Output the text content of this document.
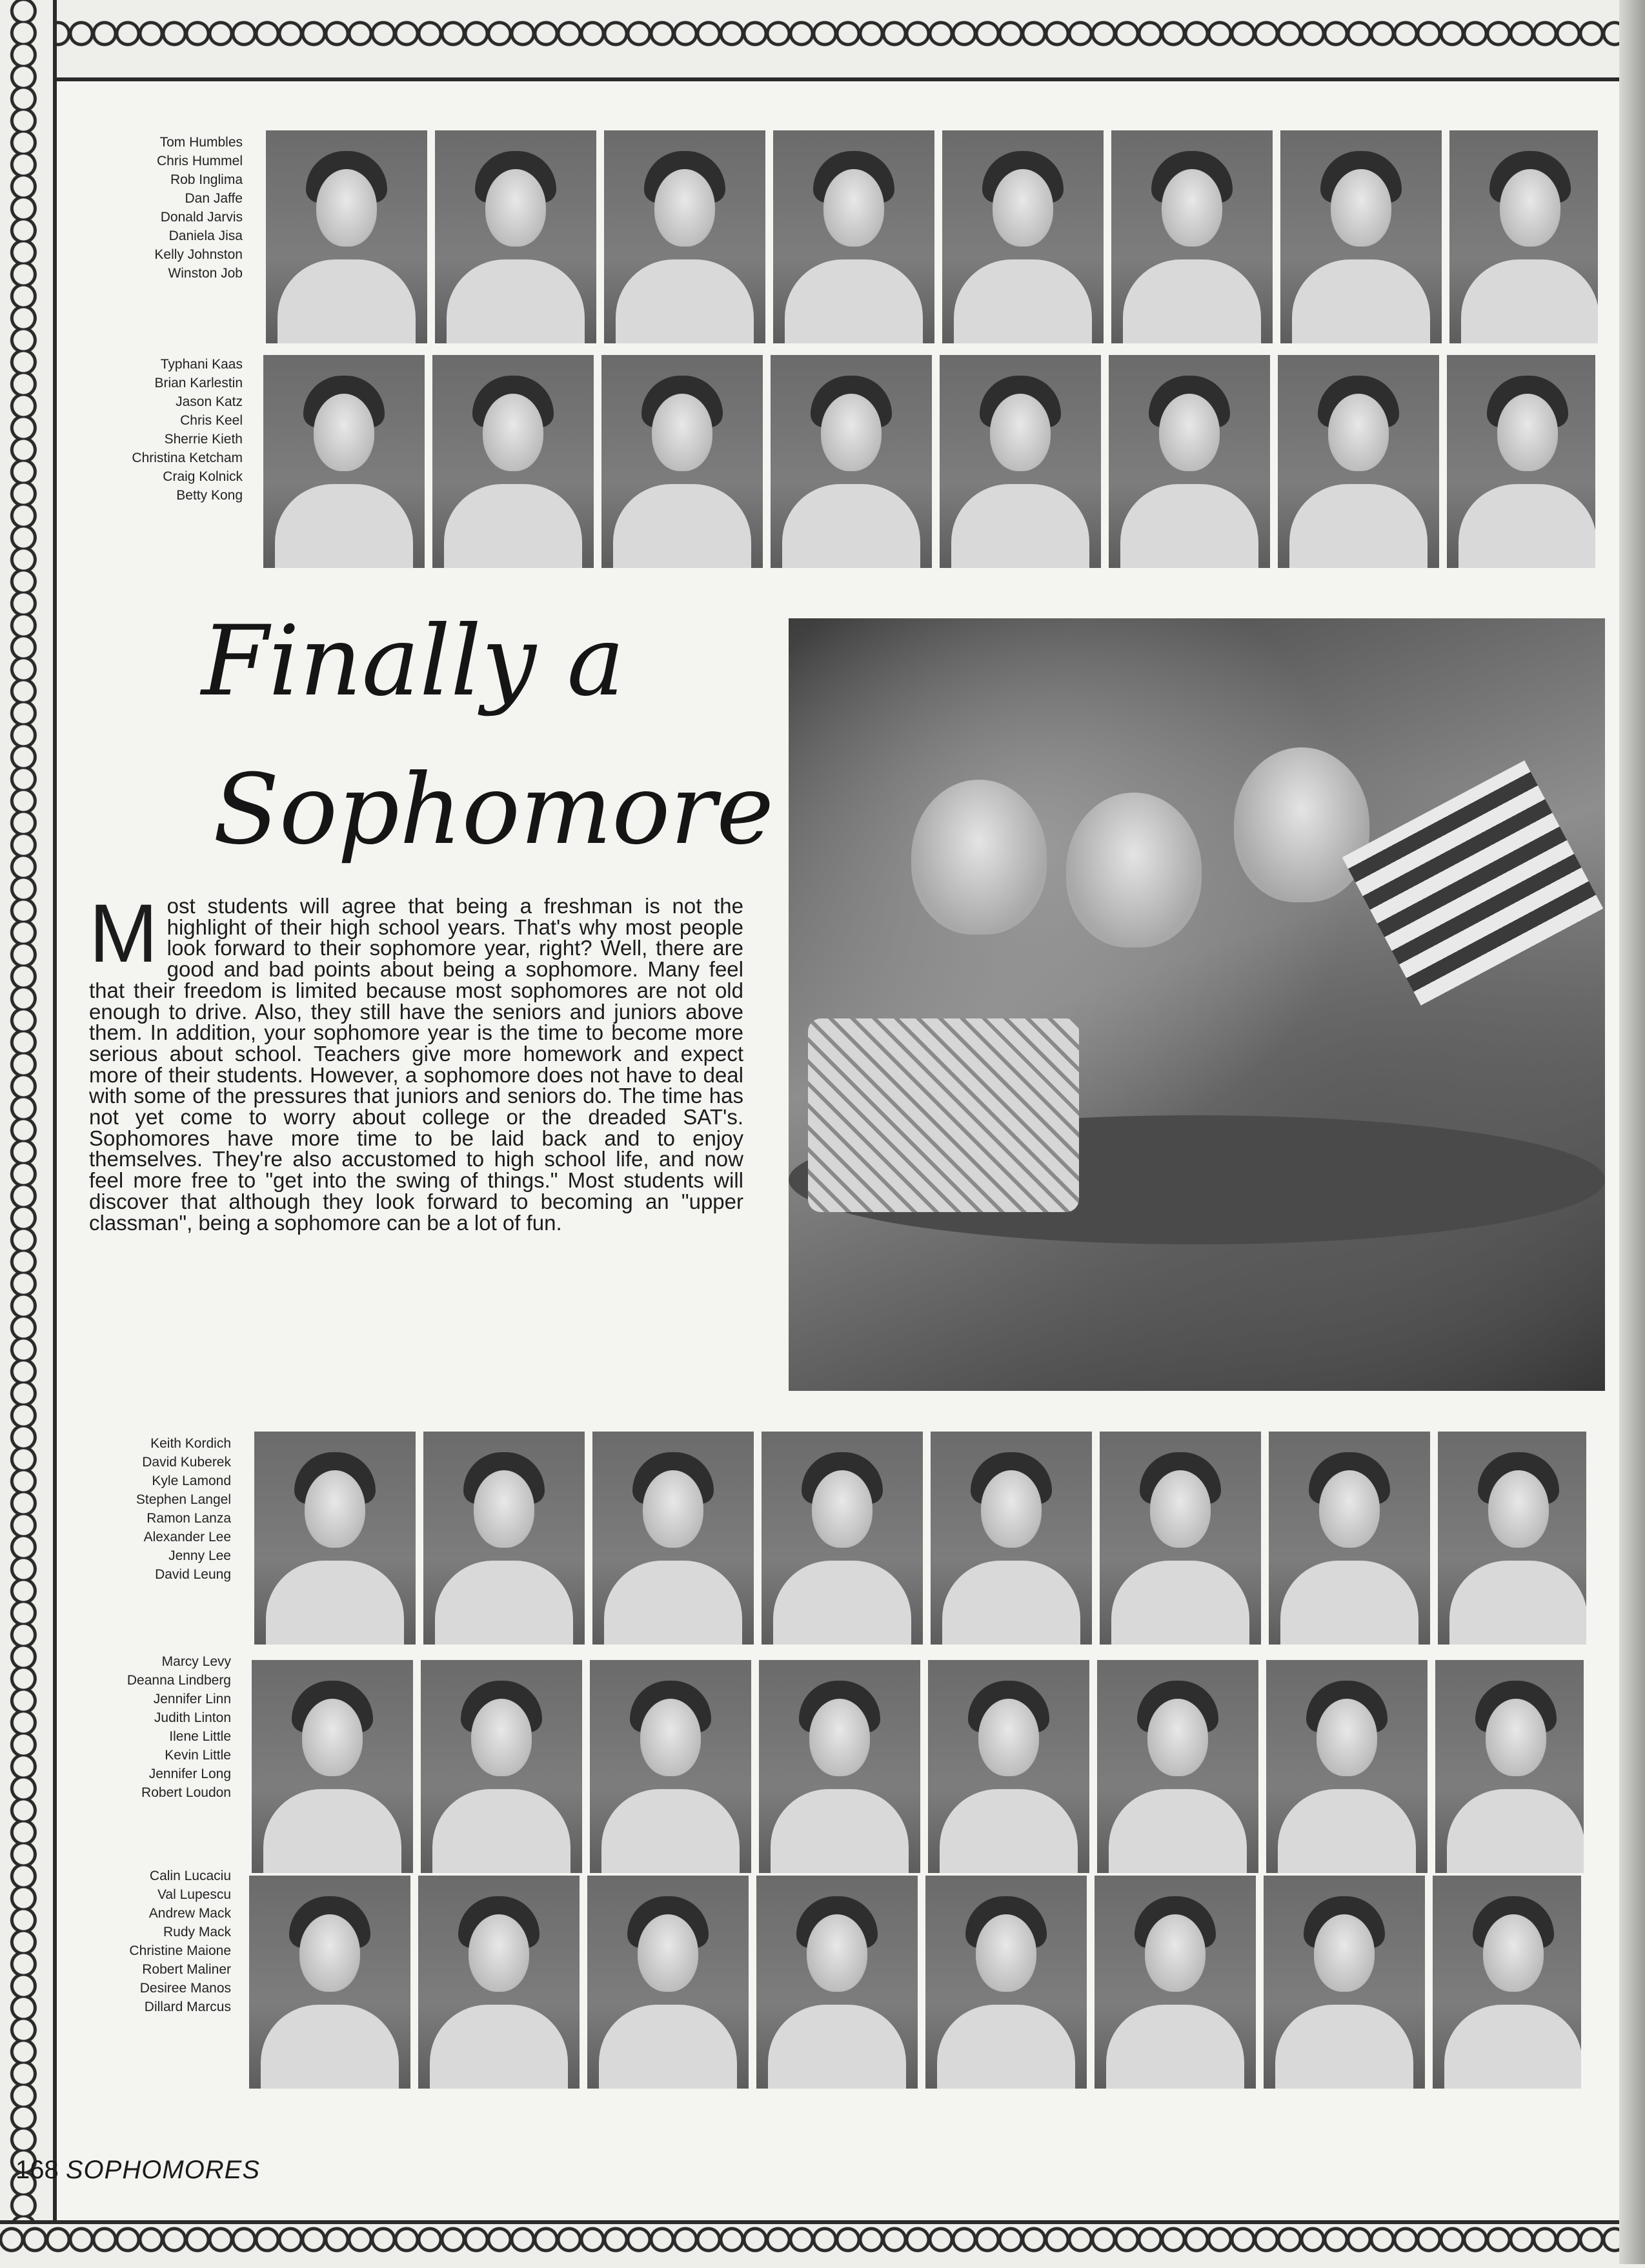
Tom Humbles
Chris Hummel
Rob Inglima
Dan Jaffe
Donald Jarvis
Daniela Jisa
Kelly Johnston
Winston Job
Typhani Kaas
Brian Karlestin
Jason Katz
Chris Keel
Sherrie Kieth
Christina Ketcham
Craig Kolnick
Betty Kong
Finally a
Sophomore
Most students will agree that being a freshman is not the highlight of their high school years. That's why most people look forward to their sophomore year, right? Well, there are good and bad points about being a sophomore. Many feel that their freedom is limited because most sophomores are not old enough to drive. Also, they still have the seniors and juniors above them. In addition, your sophomore year is the time to become more serious about school. Teachers give more homework and expect more of their students. However, a sophomore does not have to deal with some of the pressures that juniors and seniors do. The time has not yet come to worry about college or the dreaded SAT's. Sophomores have more time to be laid back and to enjoy themselves. They're also accustomed to high school life, and now feel more free to "get into the swing of things." Most students will discover that although they look forward to becoming an "upper classman", being a sophomore can be a lot of fun.
Keith Kordich
David Kuberek
Kyle Lamond
Stephen Langel
Ramon Lanza
Alexander Lee
Jenny Lee
David Leung
Marcy Levy
Deanna Lindberg
Jennifer Linn
Judith Linton
Ilene Little
Kevin Little
Jennifer Long
Robert Loudon
Calin Lucaciu
Val Lupescu
Andrew Mack
Rudy Mack
Christine Maione
Robert Maliner
Desiree Manos
Dillard Marcus
168 SOPHOMORES
